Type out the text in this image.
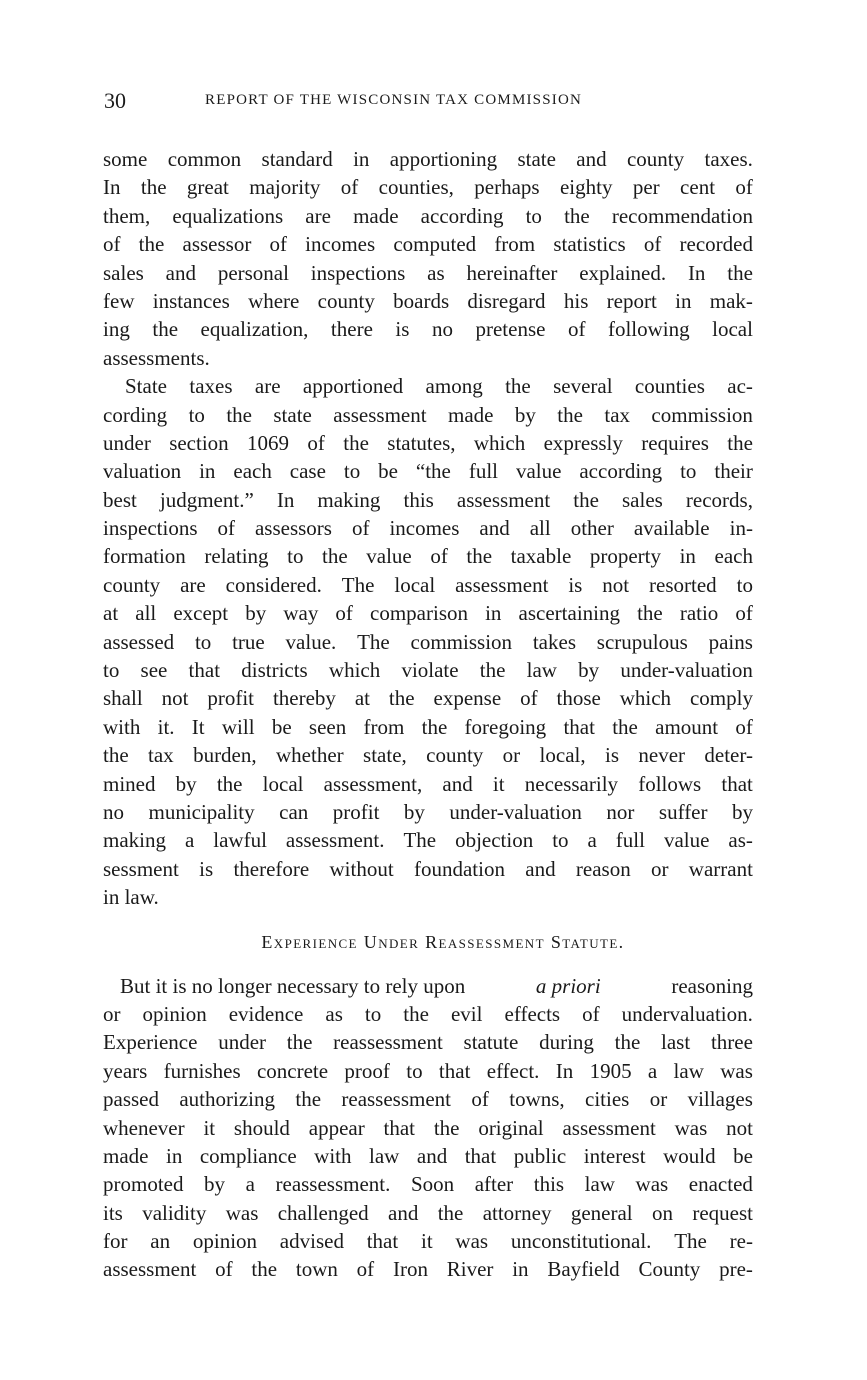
30	REPORT OF THE WISCONSIN TAX COMMISSION
some common standard in apportioning state and county taxes.
In the great majority of counties, perhaps eighty per cent of
them, equalizations are made according to the recommendation
of the assessor of incomes computed from statistics of recorded
sales and personal inspections as hereinafter explained. In the
few instances where county boards disregard his report in mak-
ing the equalization, there is no pretense of following local
assessments.
State taxes are apportioned among the several counties ac-
cording to the state assessment made by the tax commission
under section 1069 of the statutes, which expressly requires the
valuation in each case to be “the full value according to their
best judgment.” In making this assessment the sales records,
inspections of assessors of incomes and all other available in-
formation relating to the value of the taxable property in each
county are considered. The local assessment is not resorted to
at all except by way of comparison in ascertaining the ratio of
assessed to true value. The commission takes scrupulous pains
to see that districts which violate the law by under-valuation
shall not profit thereby at the expense of those which comply
with it. It will be seen from the foregoing that the amount of
the tax burden, whether state, county or local, is never deter-
mined by the local assessment, and it necessarily follows that
no municipality can profit by under-valuation nor suffer by
making a lawful assessment. The objection to a full value as-
sessment is therefore without foundation and reason or warrant
in law.
Experience Under Reassessment Statute.
But it is no longer necessary to rely upon	a priori	reasoning
or opinion evidence as to the evil effects of undervaluation.
Experience under the reassessment statute during the last three
years furnishes concrete proof to that effect. In 1905 a law was
passed authorizing the reassessment of towns, cities or villages
whenever it should appear that the original assessment was not
made in compliance with law and that public interest would be
promoted by a reassessment. Soon after this law was enacted
its validity was challenged and the attorney general on request
for an opinion advised that it was unconstitutional. The re-
assessment of the town of Iron River in Bayfield County pre-
